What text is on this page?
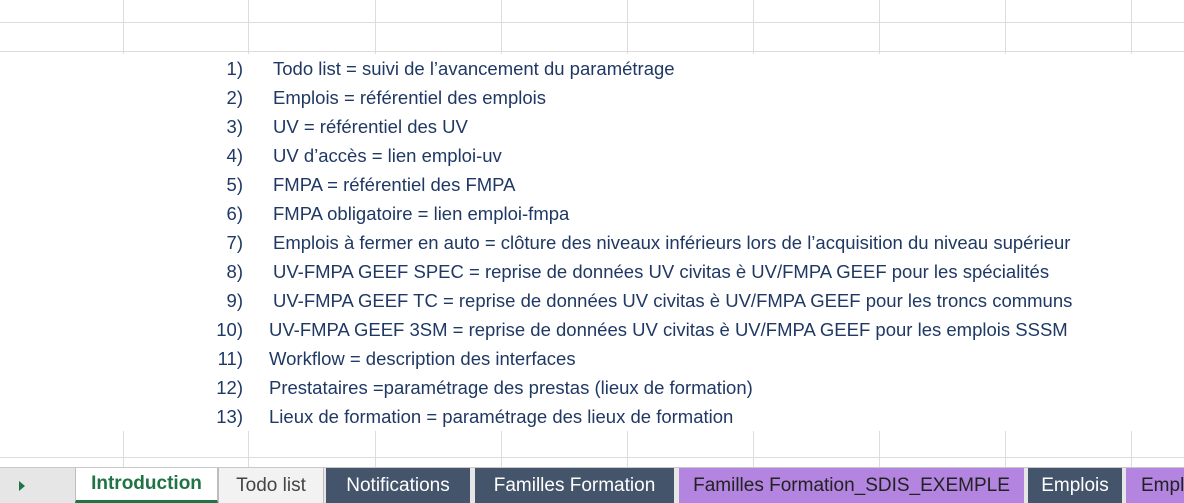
1) Todo list = suivi de l’avancement du paramétrage
2) Emplois = référentiel des emplois
3) UV = référentiel des UV
4) UV d’accès = lien emploi-uv
5) FMPA = référentiel des FMPA
6) FMPA obligatoire = lien emploi-fmpa
7) Emplois à fermer en auto = clôture des niveaux inférieurs lors de l’acquisition du niveau supérieur
8) UV-FMPA GEEF SPEC = reprise de données UV civitas è UV/FMPA GEEF pour les spécialités
9) UV-FMPA GEEF TC = reprise de données UV civitas è UV/FMPA GEEF pour les troncs communs
10) UV-FMPA GEEF 3SM = reprise de données UV civitas è UV/FMPA GEEF pour les emplois SSSM
11) Workflow = description des interfaces
12) Prestataires =paramétrage des prestas (lieux de formation)
13) Lieux de formation = paramétrage des lieux de formation
Introduction	Todo list	Notifications	Familles Formation	Familles Formation_SDIS_EXEMPLE	Emplois	Empl
